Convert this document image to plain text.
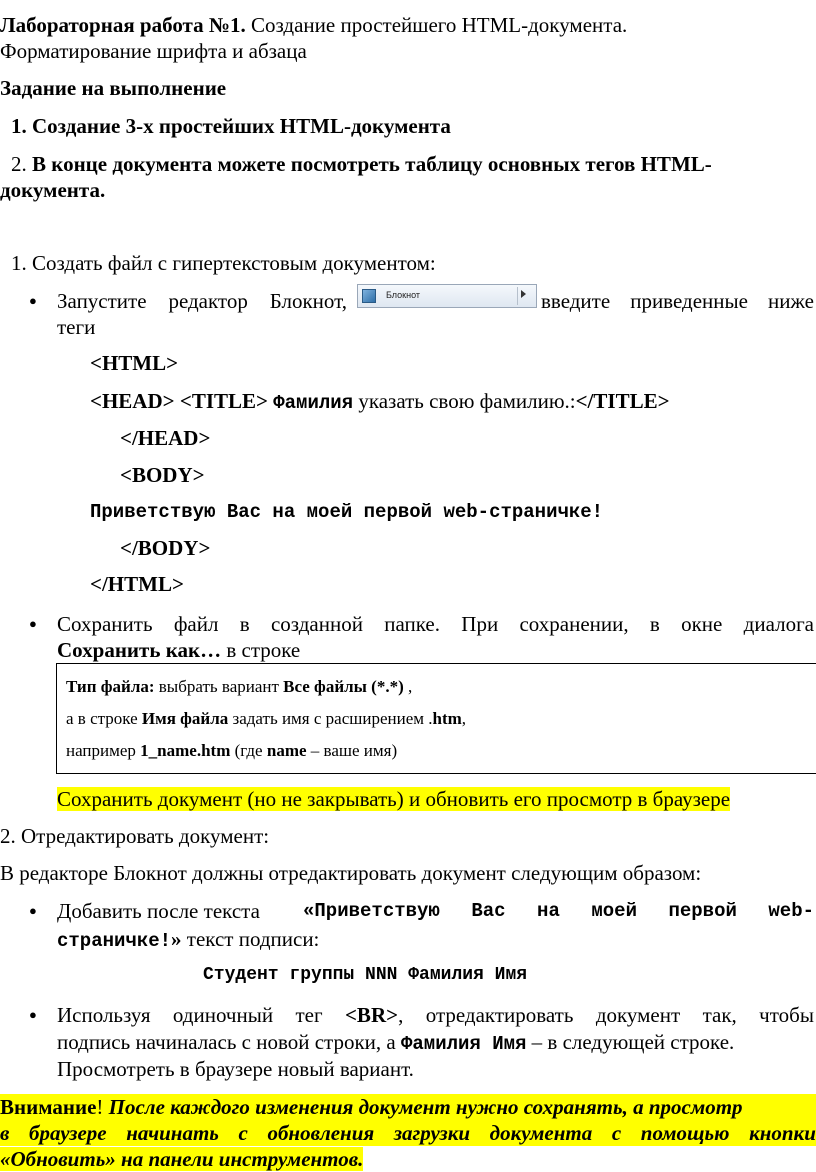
Лабораторная работа №1. Создание простейшего HTML-документа.
Форматирование шрифта и абзаца
Задание на выполнение
1. Создание 3-х простейших HTML-документа
2. В конце документа можете посмотреть таблицу основных тегов HTML-
документа.
1. Создать файл с гипертекстовым документом:
● Запустите редактор Блокнот,	Блокнот	введите приведенные ниже
теги
<HTML>
<HEAD> <TITLE> Фамилия указать свою фамилию.:</TITLE>
</HEAD>
<BODY>
Приветствую Вас на моей первой web-страничке!
</BODY>
</HTML>
● Сохранить файл в созданной папке. При сохранении, в окне диалога
Сохранить как… в строке
Тип файла: выбрать вариант Все файлы (*.*) ,
а в строке Имя файла задать имя с расширением .htm,
например 1_name.htm (где name – ваше имя)
Сохранить документ (но не закрывать) и обновить его просмотр в браузере
2. Отредактировать документ:
В редакторе Блокнот должны отредактировать документ следующим образом:
● Добавить после текста «Приветствую Вас на моей первой web-
страничке!» текст подписи:
Студент группы NNN Фамилия Имя
● Используя одиночный тег <BR>, отредактировать документ так, чтобы
подпись начиналась с новой строки, а Фамилия Имя – в следующей строке.
Просмотреть в браузере новый вариант.
Внимание! После каждого изменения документ нужно сохранять, а просмотр
в браузере начинать с обновления загрузки документа с помощью кнопки
«Обновить» на панели инструментов.
